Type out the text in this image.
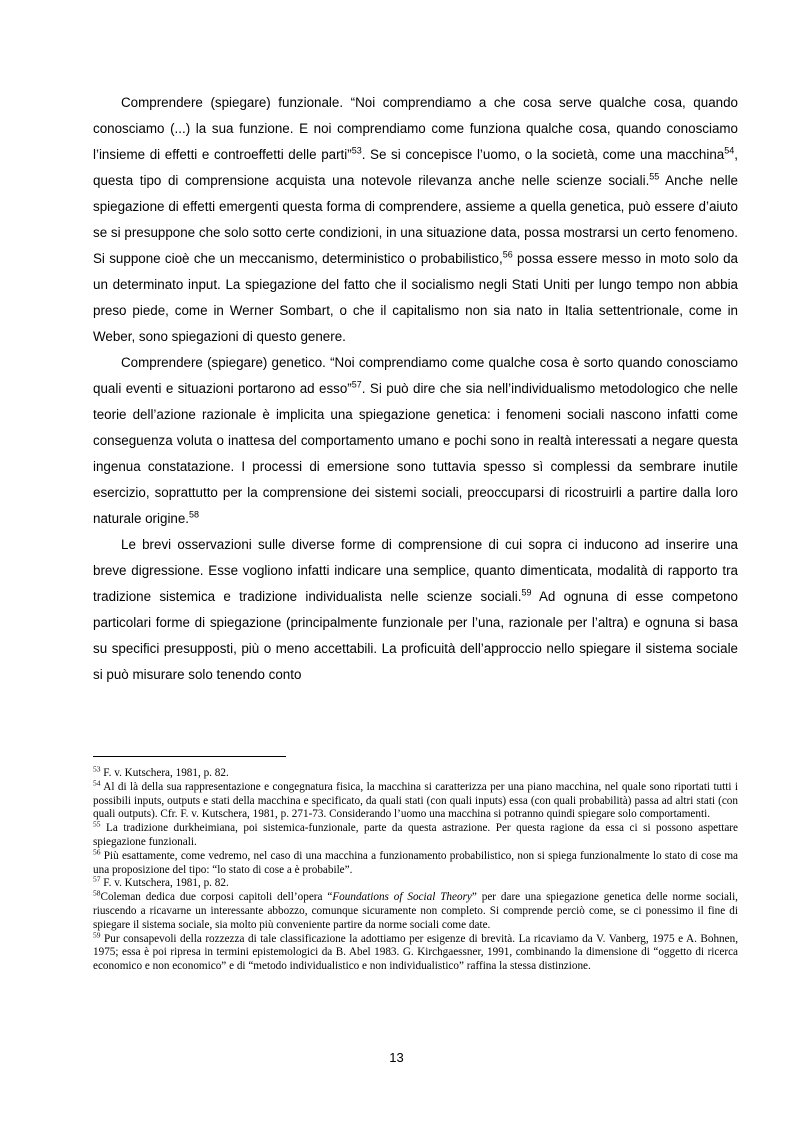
Comprendere (spiegare) funzionale. “Noi comprendiamo a che cosa serve qualche cosa, quando conosciamo (...) la sua funzione. E noi comprendiamo come funziona qualche cosa, quando conosciamo l’insieme di effetti e controeffetti delle parti”$^{53}$. Se si concepisce l’uomo, o la società, come una macchina$^{54}$, questa tipo di comprensione acquista una notevole rilevanza anche nelle scienze sociali.$^{55}$ Anche nelle spiegazione di effetti emergenti questa forma di comprendere, assieme a quella genetica, può essere d’aiuto se si presuppone che solo sotto certe condizioni, in una situazione data, possa mostrarsi un certo fenomeno. Si suppone cioè che un meccanismo, deterministico o probabilistico,$^{56}$ possa essere messo in moto solo da un determinato input. La spiegazione del fatto che il socialismo negli Stati Uniti per lungo tempo non abbia preso piede, come in Werner Sombart, o che il capitalismo non sia nato in Italia settentrionale, come in Weber, sono spiegazioni di questo genere.

Comprendere (spiegare) genetico. “Noi comprendiamo come qualche cosa è sorto quando conosciamo quali eventi e situazioni portarono ad esso”$^{57}$. Si può dire che sia nell’individualismo metodologico che nelle teorie dell’azione razionale è implicita una spiegazione genetica: i fenomeni sociali nascono infatti come conseguenza voluta o inattesa del comportamento umano e pochi sono in realtà interessati a negare questa ingenua constatazione. I processi di emersione sono tuttavia spesso sì complessi da sembrare inutile esercizio, soprattutto per la comprensione dei sistemi sociali, preoccuparsi di ricostruirli a partire dalla loro naturale origine.$^{58}$

Le brevi osservazioni sulle diverse forme di comprensione di cui sopra ci inducono ad inserire una breve digressione. Esse vogliono infatti indicare una semplice, quanto dimenticata, modalità di rapporto tra tradizione sistemica e tradizione individualista nelle scienze sociali.$^{59}$ Ad ognuna di esse competono particolari forme di spiegazione (principalmente funzionale per l’una, razionale per l’altra) e ognuna si basa su specifici presupposti, più o meno accettabili. La proficuità dell’approccio nello spiegare il sistema sociale si può misurare solo tenendo conto

$^{53}$ F. v. Kutschera, 1981, p. 82.

$^{54}$ Al di là della sua rappresentazione e congegnatura fisica, la macchina si caratterizza per una piano macchina, nel quale sono riportati tutti i possibili inputs, outputs e stati della macchina e specificato, da quali stati (con quali inputs) essa (con quali probabilità) passa ad altri stati (con quali outputs). Cfr. F. v. Kutschera, 1981, p. 271-73. Considerando l’uomo una macchina si potranno quindi spiegare solo comportamenti.

$^{55}$ La tradizione durkheimiana, poi sistemica-funzionale, parte da questa astrazione. Per questa ragione da essa ci si possono aspettare spiegazione funzionali.

$^{56}$ Più esattamente, come vedremo, nel caso di una macchina a funzionamento probabilistico, non si spiega funzionalmente lo stato di cose ma una proposizione del tipo: “lo stato di cose a è probabile”.

$^{57}$ F. v. Kutschera, 1981, p. 82.

$^{58}$Coleman dedica due corposi capitoli dell’opera “Foundations of Social Theory” per dare una spiegazione genetica delle norme sociali, riuscendo a ricavarne un interessante abbozzo, comunque sicuramente non completo. Si comprende perciò come, se ci ponessimo il fine di spiegare il sistema sociale, sia molto più conveniente partire da norme sociali come date.

$^{59}$ Pur consapevoli della rozzezza di tale classificazione la adottiamo per esigenze di brevità. La ricaviamo da V. Vanberg, 1975 e A. Bohnen, 1975; essa è poi ripresa in termini epistemologici da B. Abel 1983. G. Kirchgaessner, 1991, combinando la dimensione di “oggetto di ricerca economico e non economico” e di “metodo individualistico e non individualistico” raffina la stessa distinzione.

13
